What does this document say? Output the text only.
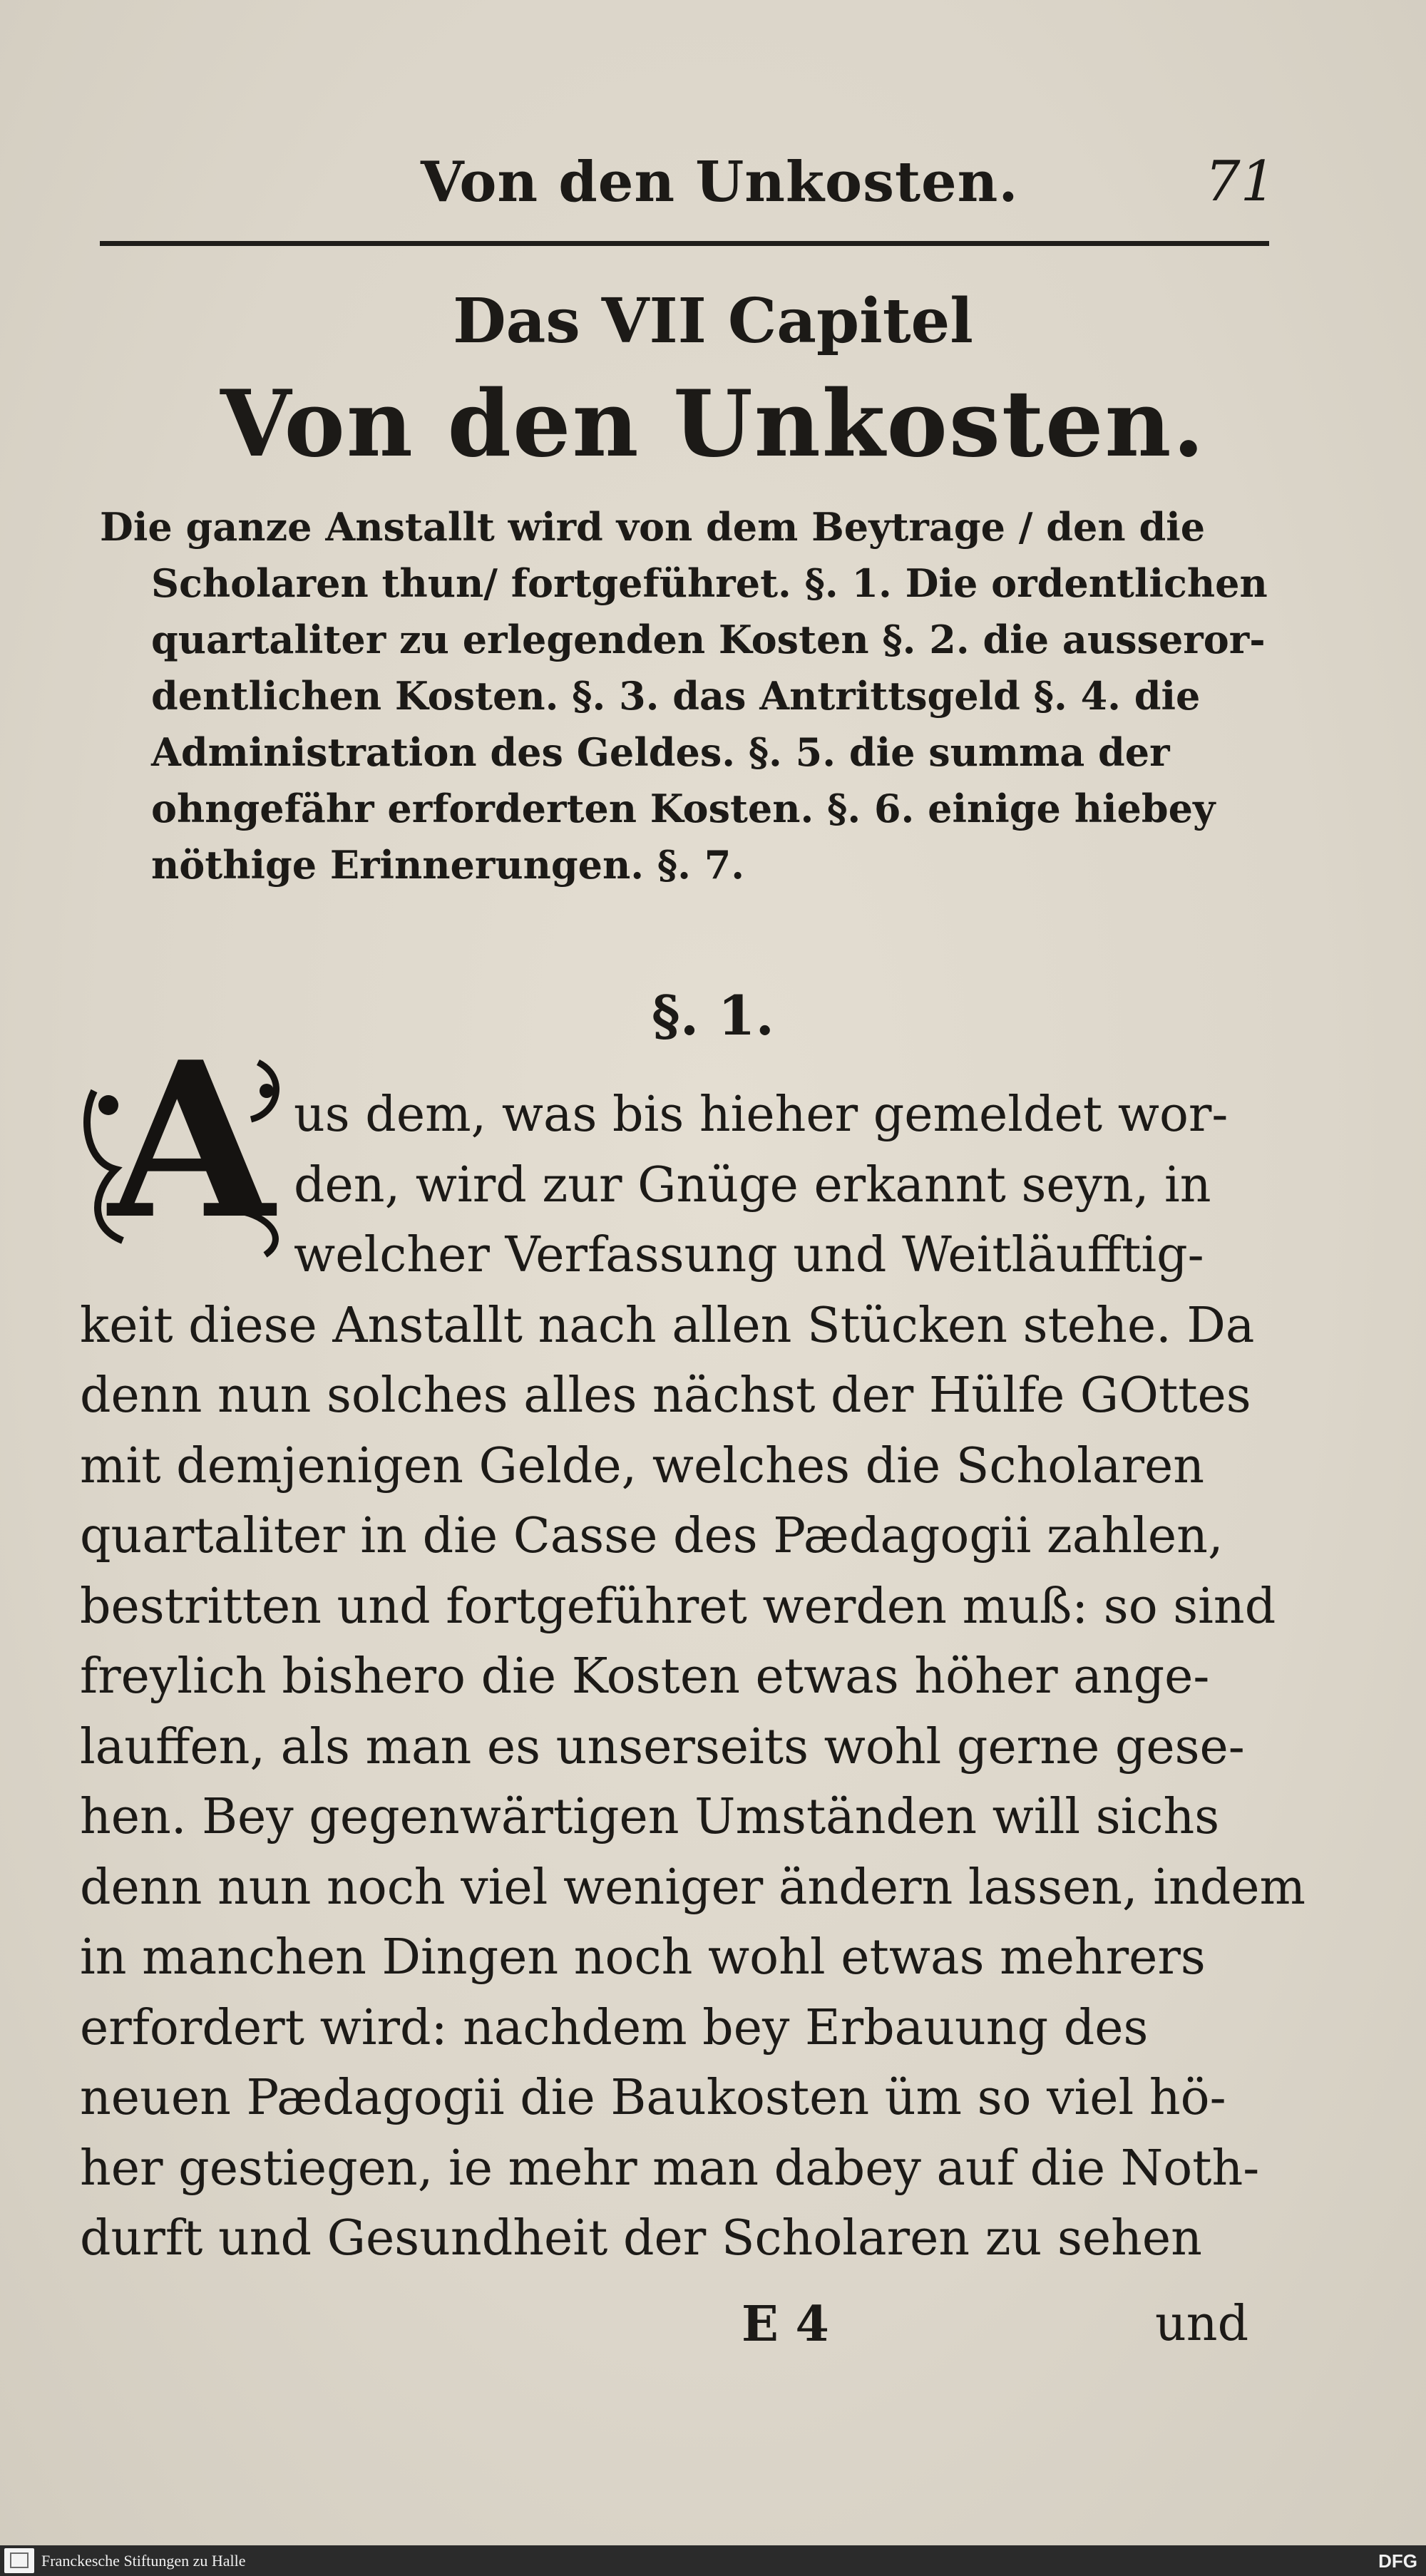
Von den Unkosten.	71
Das VII Capitel
Von den Unkosten.
Die ganze Anstallt wird von dem Beytrage / den die
Scholaren thun/ fortgeführet. §. 1. Die ordentlichen
quartaliter zu erlegenden Kosten §. 2. die ausseror-
dentlichen Kosten. §. 3. das Antrittsgeld §. 4. die
Administration des Geldes. §. 5. die summa der
ohngefähr erforderten Kosten. §. 6. einige hiebey
nöthige Erinnerungen. §. 7.
§. 1.
A us dem, was bis hieher gemeldet wor-
den, wird zur Gnüge erkannt seyn, in
welcher Verfassung und Weitläufftig-
keit diese Anstallt nach allen Stücken stehe. Da
denn nun solches alles nächst der Hülfe GOttes
mit demjenigen Gelde, welches die Scholaren
quartaliter in die Casse des Pædagogii zahlen,
bestritten und fortgeführet werden muß: so sind
freylich bishero die Kosten etwas höher ange-
lauffen, als man es unserseits wohl gerne gese-
hen. Bey gegenwärtigen Umständen will sichs
denn nun noch viel weniger ändern lassen, indem
in manchen Dingen noch wohl etwas mehrers
erfordert wird: nachdem bey Erbauung des
neuen Pædagogii die Baukosten üm so viel hö-
her gestiegen, ie mehr man dabey auf die Noth-
durft und Gesundheit der Scholaren zu sehen
E 4	und
Franckesche Stiftungen zu Halle	DFG
